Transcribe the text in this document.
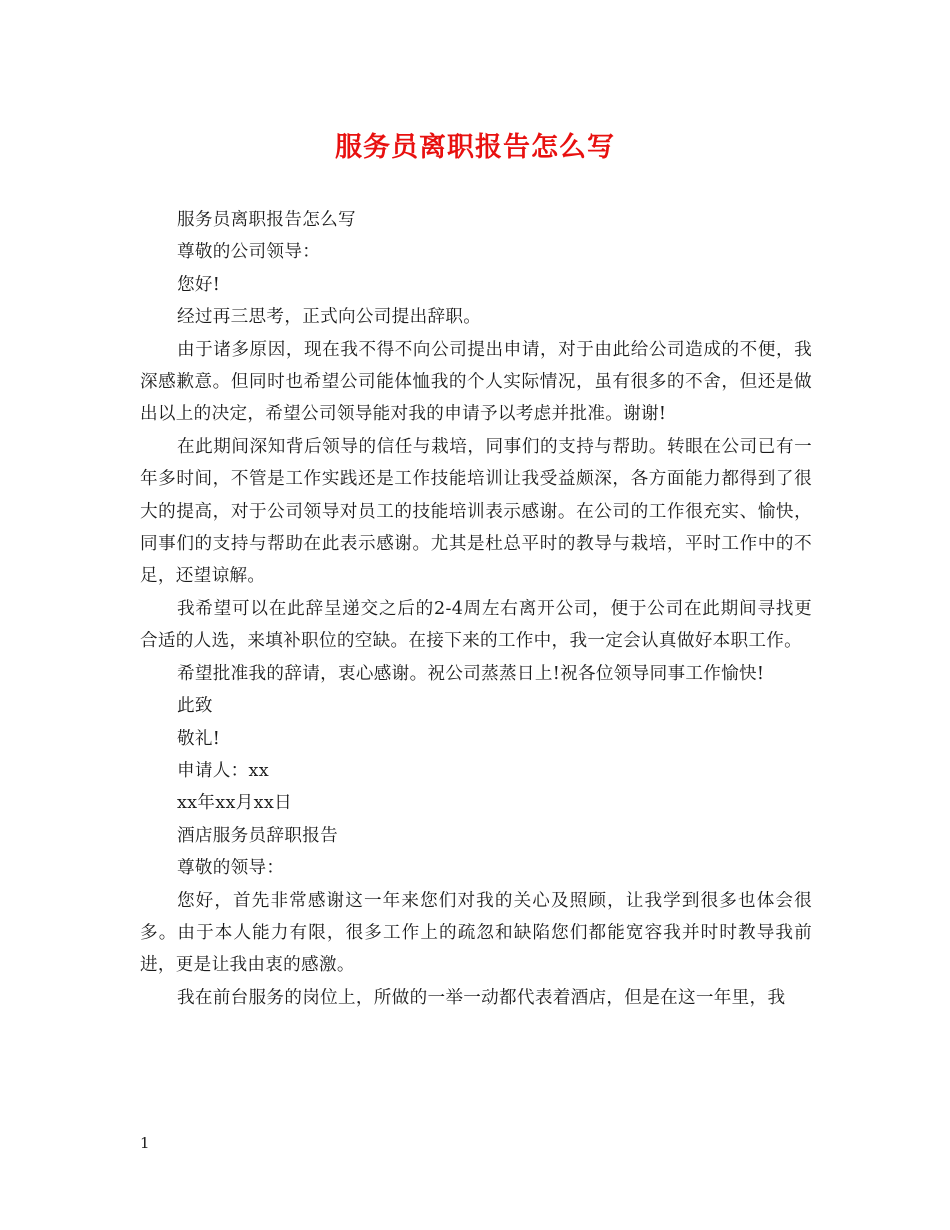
服务员离职报告怎么写

服务员离职报告怎么写

尊敬的公司领导：

您好!

经过再三思考，正式向公司提出辞职。

由于诸多原因，现在我不得不向公司提出申请，对于由此给公司造成的不便，我深感歉意。但同时也希望公司能体恤我的个人实际情况，虽有很多的不舍，但还是做出以上的决定，希望公司领导能对我的申请予以考虑并批准。谢谢!

在此期间深知背后领导的信任与栽培，同事们的支持与帮助。转眼在公司已有一年多时间，不管是工作实践还是工作技能培训让我受益颇深，各方面能力都得到了很大的提高，对于公司领导对员工的技能培训表示感谢。在公司的工作很充实、愉快，同事们的支持与帮助在此表示感谢。尤其是杜总平时的教导与栽培，平时工作中的不足，还望谅解。

我希望可以在此辞呈递交之后的2-4周左右离开公司，便于公司在此期间寻找更合适的人选，来填补职位的空缺。在接下来的工作中，我一定会认真做好本职工作。

希望批准我的辞请，衷心感谢。祝公司蒸蒸日上!祝各位领导同事工作愉快!

此致

敬礼!

申请人：xx

xx年xx月xx日

酒店服务员辞职报告

尊敬的领导：

您好，首先非常感谢这一年来您们对我的关心及照顾，让我学到很多也体会很多。由于本人能力有限，很多工作上的疏忽和缺陷您们都能宽容我并时时教导我前进，更是让我由衷的感激。

我在前台服务的岗位上，所做的一举一动都代表着酒店，但是在这一年里，我

1
